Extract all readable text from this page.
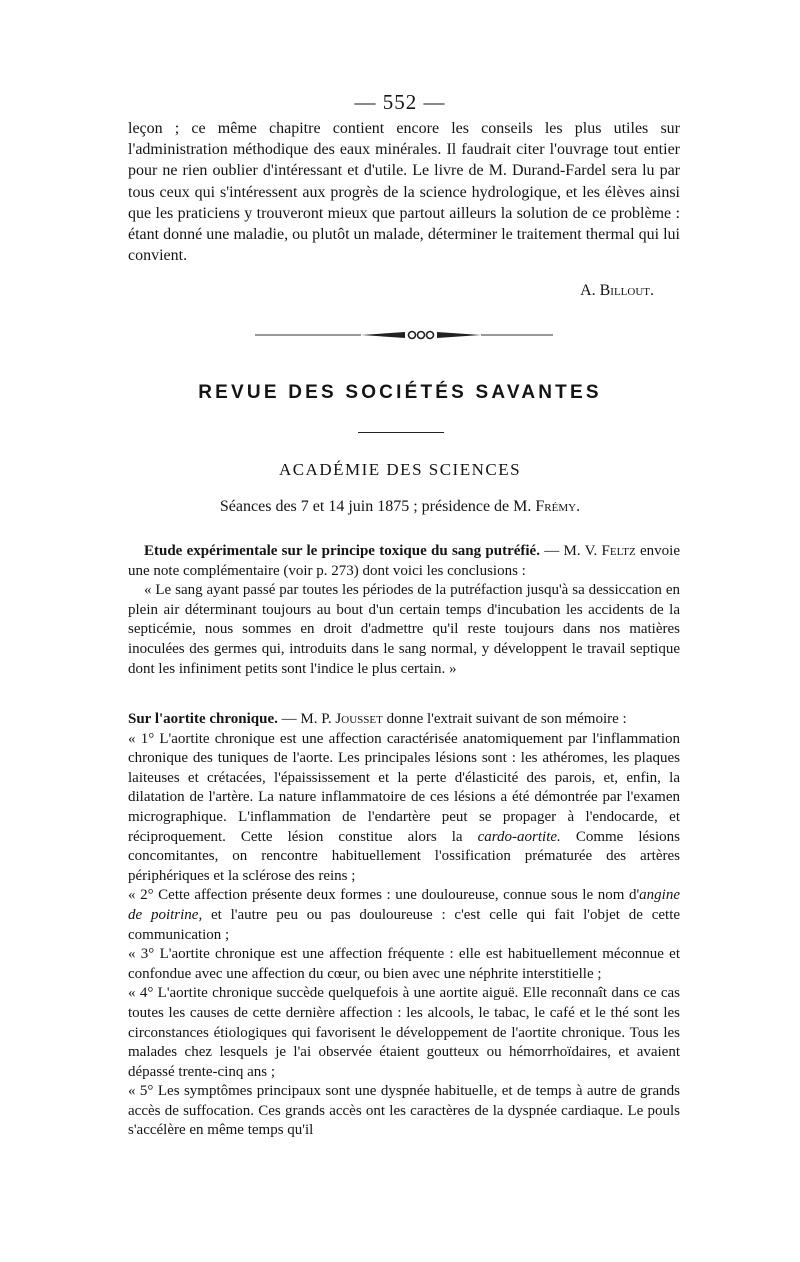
— 552 —

leçon ; ce même chapitre contient encore les conseils les plus utiles sur l'administration méthodique des eaux minérales. Il faudrait citer l'ouvrage tout entier pour ne rien oublier d'intéressant et d'utile. Le livre de M. Durand-Fardel sera lu par tous ceux qui s'intéressent aux progrès de la science hydrologique, et les élèves ainsi que les praticiens y trouveront mieux que partout ailleurs la solution de ce problème : étant donné une maladie, ou plutôt un malade, déterminer le traitement thermal qui lui convient.

A. Billout.
REVUE DES SOCIÉTÉS SAVANTES
ACADÉMIE DES SCIENCES
Séances des 7 et 14 juin 1875 ; présidence de M. Frémy.

Etude expérimentale sur le principe toxique du sang putréfié. — M. V. Feltz envoie une note complémentaire (voir p. 273) dont voici les conclusions :

« Le sang ayant passé par toutes les périodes de la putréfaction jusqu'à sa dessiccation en plein air déterminant toujours au bout d'un certain temps d'incubation les accidents de la septicémie, nous sommes en droit d'admettre qu'il reste toujours dans nos matières inoculées des germes qui, introduits dans le sang normal, y développent le travail septique dont les infiniment petits sont l'indice le plus certain. »

Sur l'aortite chronique. — M. P. Jousset donne l'extrait suivant de son mémoire :

« 1° L'aortite chronique est une affection caractérisée anatomiquement par l'inflammation chronique des tuniques de l'aorte. Les principales lésions sont : les athéromes, les plaques laiteuses et crétacées, l'épaississement et la perte d'élasticité des parois, et, enfin, la dilatation de l'artère. La nature inflammatoire de ces lésions a été démontrée par l'examen micrographique. L'inflammation de l'endartère peut se propager à l'endocarde, et réciproquement. Cette lésion constitue alors la cardo-aortite. Comme lésions concomitantes, on rencontre habituellement l'ossification prématurée des artères périphériques et la sclérose des reins ;

« 2° Cette affection présente deux formes : une douloureuse, connue sous le nom d'angine de poitrine, et l'autre peu ou pas douloureuse : c'est celle qui fait l'objet de cette communication ;

« 3° L'aortite chronique est une affection fréquente : elle est habituellement méconnue et confondue avec une affection du cœur, ou bien avec une néphrite interstitielle ;

« 4° L'aortite chronique succède quelquefois à une aortite aiguë. Elle reconnaît dans ce cas toutes les causes de cette dernière affection : les alcools, le tabac, le café et le thé sont les circonstances étiologiques qui favorisent le développement de l'aortite chronique. Tous les malades chez lesquels je l'ai observée étaient goutteux ou hémorrhoïdaires, et avaient dépassé trente-cinq ans ;

« 5° Les symptômes principaux sont une dyspnée habituelle, et de temps à autre de grands accès de suffocation. Ces grands accès ont les caractères de la dyspnée cardiaque. Le pouls s'accélère en même temps qu'il
